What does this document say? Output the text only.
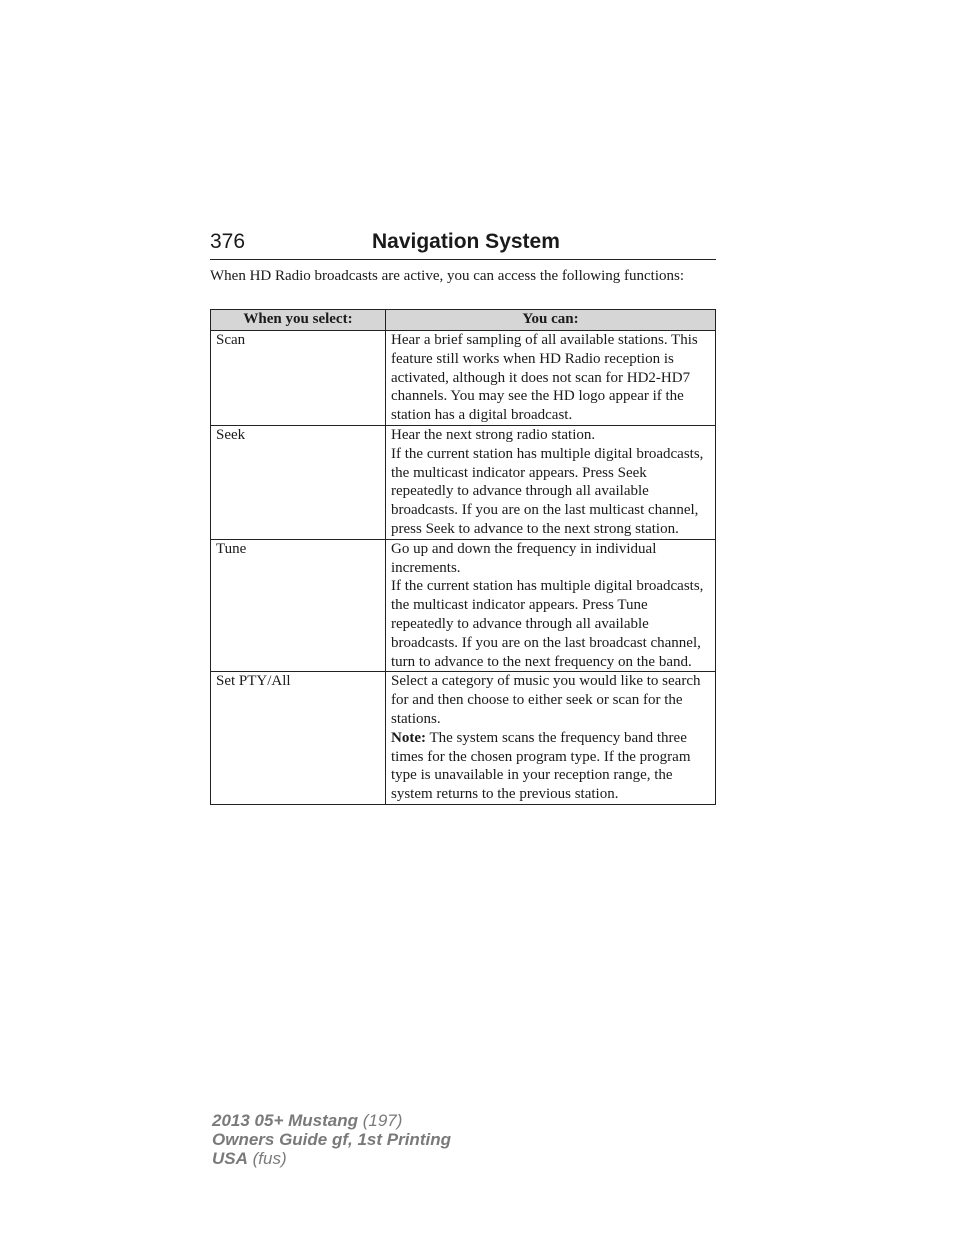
376	Navigation System

When HD Radio broadcasts are active, you can access the following functions:

When you select:	You can:
Scan	Hear a brief sampling of all available stations. This feature still works when HD Radio reception is activated, although it does not scan for HD2-HD7 channels. You may see the HD logo appear if the station has a digital broadcast.

Seek	Hear the next strong radio station.

If the current station has multiple digital broadcasts, the multicast indicator appears. Press Seek repeatedly to advance through all available broadcasts. If you are on the last multicast channel, press Seek to advance to the next strong station.

Tune	Go up and down the frequency in individual increments.

If the current station has multiple digital broadcasts, the multicast indicator appears. Press Tune repeatedly to advance through all available broadcasts. If you are on the last broadcast channel, turn to advance to the next frequency on the band.

Set PTY/All	Select a category of music you would like to search for and then choose to either seek or scan for the stations.

Note: The system scans the frequency band three times for the chosen program type. If the program type is unavailable in your reception range, the system returns to the previous station.

2013 05+ Mustang (197)
Owners Guide gf, 1st Printing
USA (fus)
